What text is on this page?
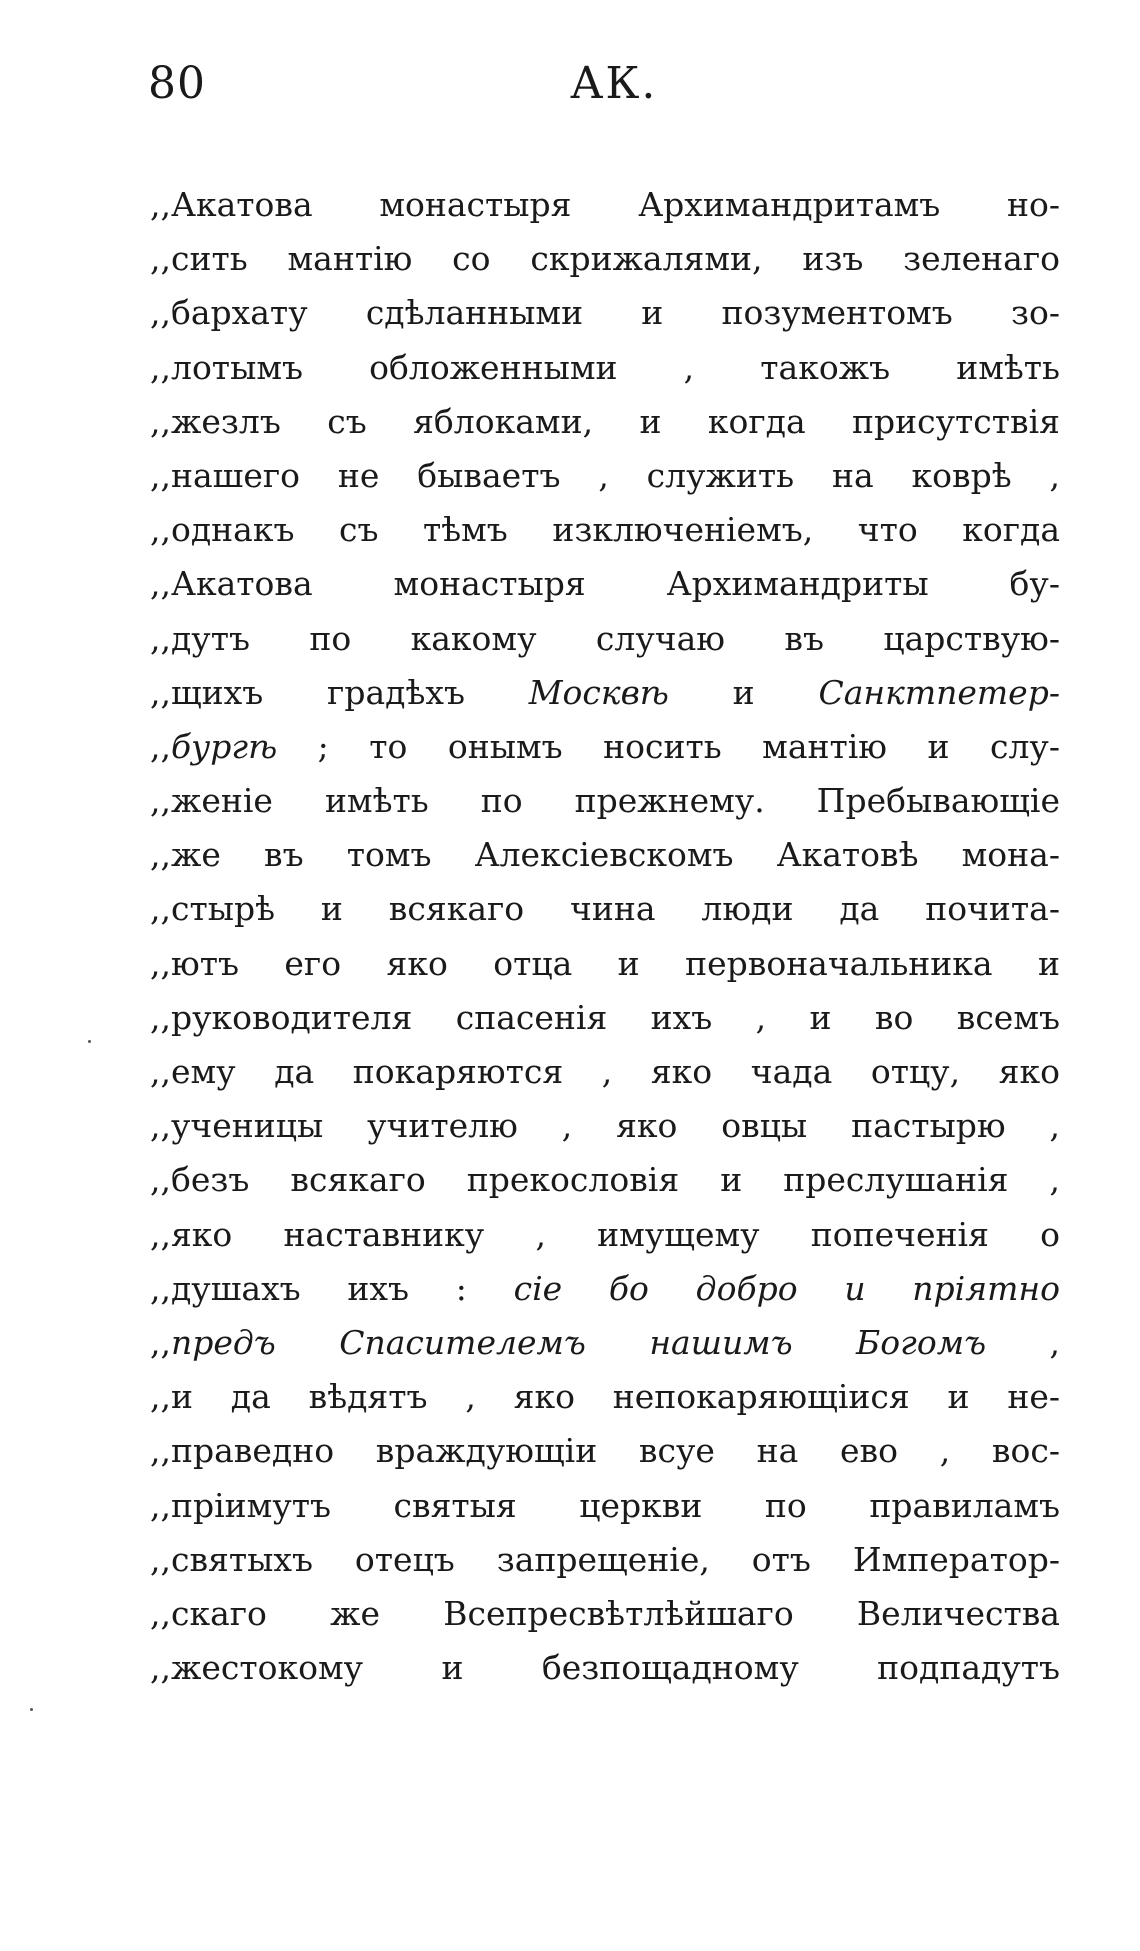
80	АК.
,,Акатова монастыря Архимандритамъ но-
,,сить мантію со скрижалями, изъ зеленаго
,,бархату сдѣланными и позументомъ зо-
,,лотымъ обложенными , такожъ имѣть
,,жезлъ съ яблоками, и когда присутствія
,,нашего не бываетъ , служить на коврѣ ,
,,однакъ съ тѣмъ изключеніемъ, что когда
,,Акатова монастыря Архимандриты бу-
,,дутъ по какому случаю въ царствую-
,,щихъ градѣхъ Москвѣ и Санктпетер-
,,бургѣ ; то онымъ носить мантію и слу-
,,женіе имѣть по прежнему. Пребывающіе
,,же въ томъ Алексіевскомъ Акатовѣ мона-
,,стырѣ и всякаго чина люди да почита-
,,ютъ его яко отца и первоначальника и
,,руководителя спасенія ихъ , и во всемъ
,,ему да покаряются , яко чада отцу, яко
,,ученицы учителю , яко овцы пастырю ,
,,безъ всякаго прекословія и преслушанія ,
,,яко наставнику , имущему попеченія о
,,душахъ ихъ : сіе бо добро и пріятно
,,предъ Спасителемъ нашимъ Богомъ ,
,,и да вѣдятъ , яко непокаряющіися и не-
,,праведно враждующіи всуе на ево , вос-
,,пріимутъ святыя церкви по правиламъ
,,святыхъ отецъ запрещеніе, отъ Император-
,,скаго же Всепресвѣтлѣйшаго Величества
,,жестокому и безпощадному подпадутъ
